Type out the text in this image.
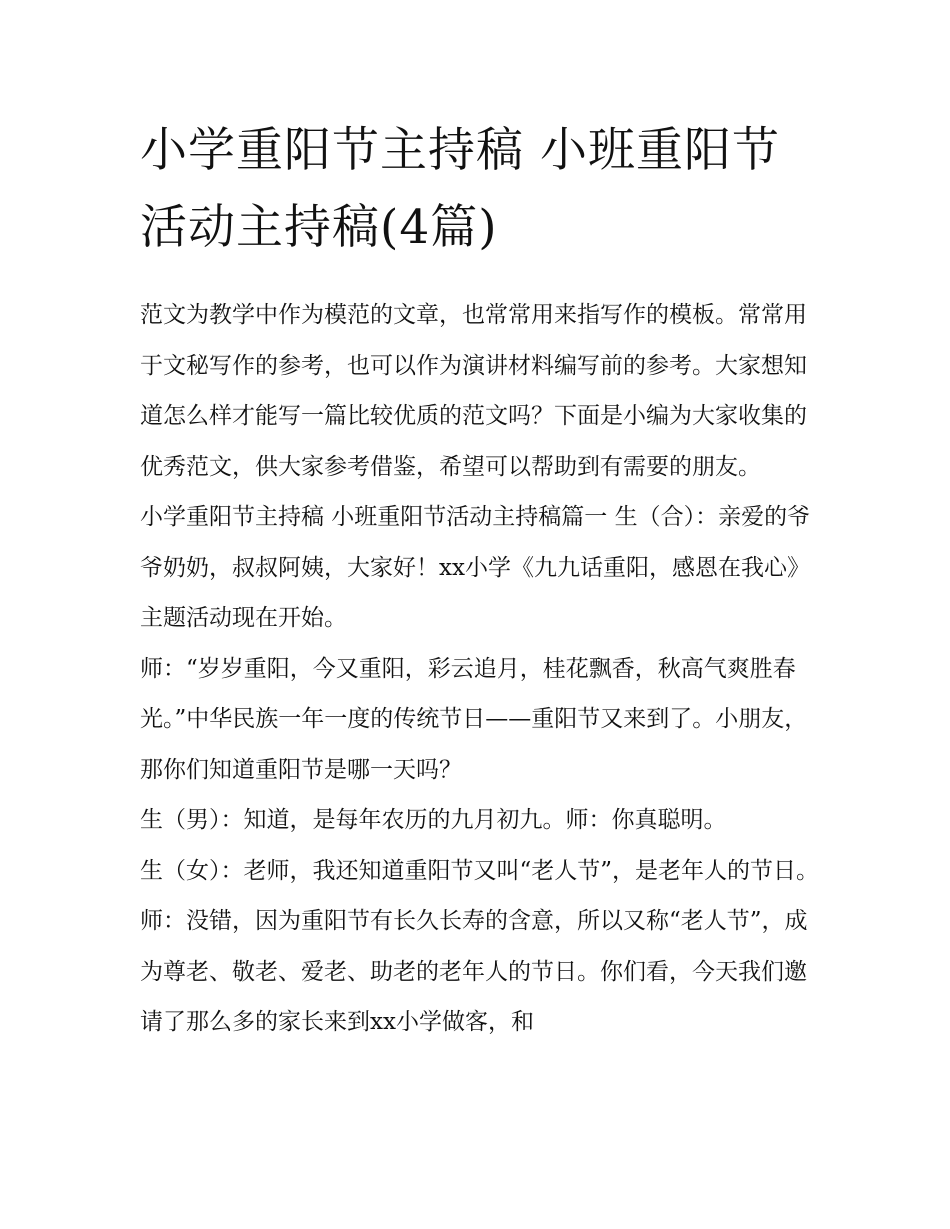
小学重阳节主持稿 小班重阳节活动主持稿(4篇)

范文为教学中作为模范的文章，也常常用来指写作的模板。常常用于文秘写作的参考，也可以作为演讲材料编写前的参考。大家想知道怎么样才能写一篇比较优质的范文吗？下面是小编为大家收集的优秀范文，供大家参考借鉴，希望可以帮助到有需要的朋友。

小学重阳节主持稿 小班重阳节活动主持稿篇一 生（合）：亲爱的爷爷奶奶，叔叔阿姨，大家好！xx小学《九九话重阳，感恩在我心》主题活动现在开始。

师：“岁岁重阳，今又重阳，彩云追月，桂花飘香，秋高气爽胜春光。”中华民族一年一度的传统节日——重阳节又来到了。小朋友，那你们知道重阳节是哪一天吗？

生（男）：知道，是每年农历的九月初九。师：你真聪明。

生（女）：老师，我还知道重阳节又叫“老人节”，是老年人的节日。师：没错，因为重阳节有长久长寿的含意，所以又称“老人节”，成为尊老、敬老、爱老、助老的老年人的节日。你们看，今天我们邀请了那么多的家长来到xx小学做客，和
